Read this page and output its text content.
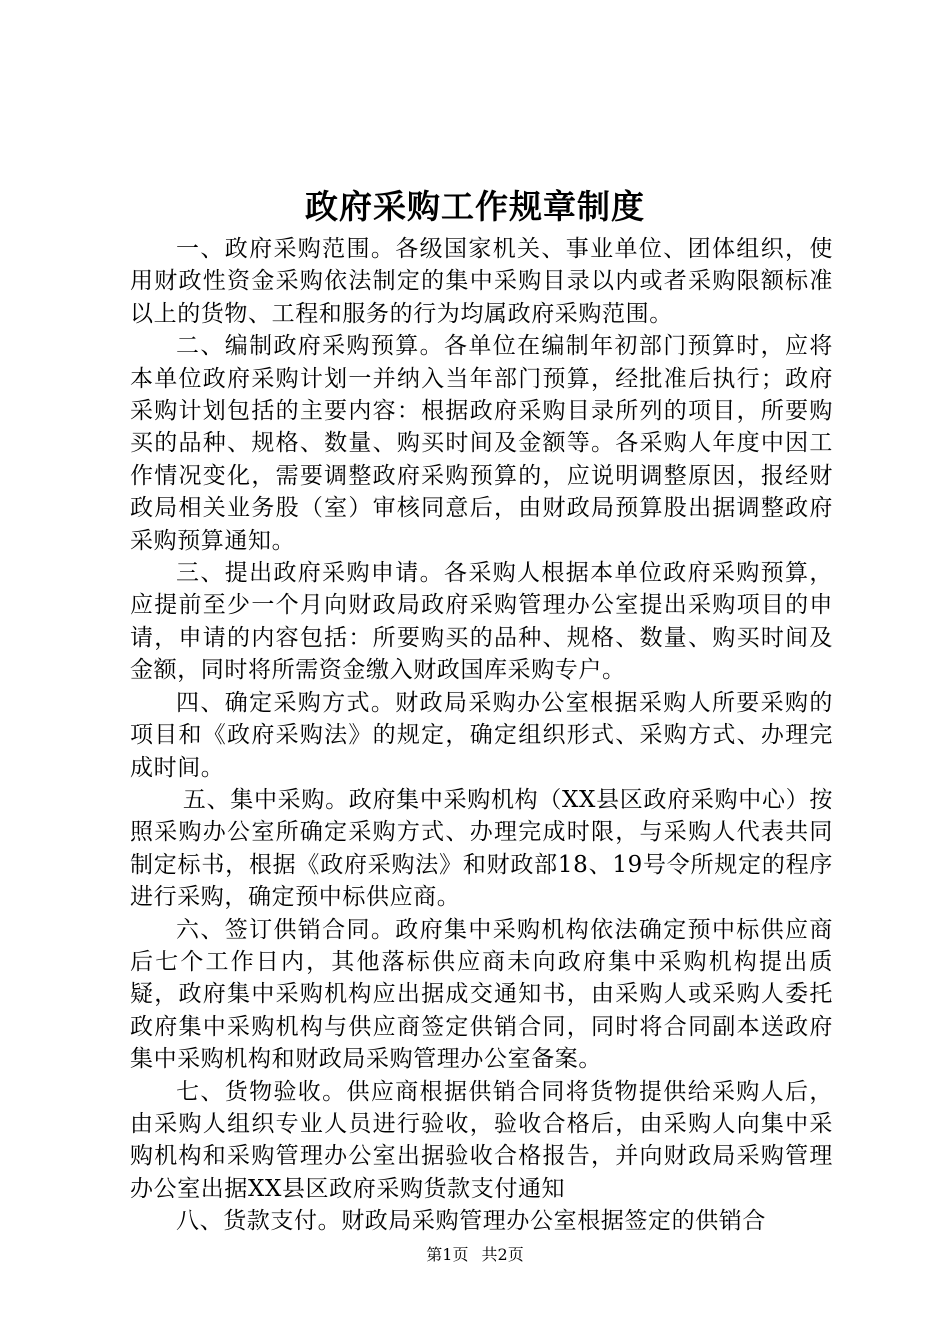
政府采购工作规章制度

一、政府采购范围。各级国家机关、事业单位、团体组织，使用财政性资金采购依法制定的集中采购目录以内或者采购限额标准以上的货物、工程和服务的行为均属政府采购范围。

二、编制政府采购预算。各单位在编制年初部门预算时，应将本单位政府采购计划一并纳入当年部门预算，经批准后执行；政府采购计划包括的主要内容：根据政府采购目录所列的项目，所要购买的品种、规格、数量、购买时间及金额等。各采购人年度中因工作情况变化，需要调整政府采购预算的，应说明调整原因，报经财政局相关业务股（室）审核同意后，由财政局预算股出据调整政府采购预算通知。

三、提出政府采购申请。各采购人根据本单位政府采购预算，应提前至少一个月向财政局政府采购管理办公室提出采购项目的申请，申请的内容包括：所要购买的品种、规格、数量、购买时间及金额，同时将所需资金缴入财政国库采购专户。

四、确定采购方式。财政局采购办公室根据采购人所要采购的项目和《政府采购法》的规定，确定组织形式、采购方式、办理完成时间。

五、集中采购。政府集中采购机构（XX县区政府采购中心）按照采购办公室所确定采购方式、办理完成时限，与采购人代表共同制定标书，根据《政府采购法》和财政部18、19号令所规定的程序进行采购，确定预中标供应商。

六、签订供销合同。政府集中采购机构依法确定预中标供应商后七个工作日内，其他落标供应商未向政府集中采购机构提出质疑，政府集中采购机构应出据成交通知书，由采购人或采购人委托政府集中采购机构与供应商签定供销合同，同时将合同副本送政府集中采购机构和财政局采购管理办公室备案。

七、货物验收。供应商根据供销合同将货物提供给采购人后，由采购人组织专业人员进行验收，验收合格后，由采购人向集中采购机构和采购管理办公室出据验收合格报告，并向财政局采购管理办公室出据XX县区政府采购货款支付通知

八、货款支付。财政局采购管理办公室根据签定的供销合

第1页 共2页
